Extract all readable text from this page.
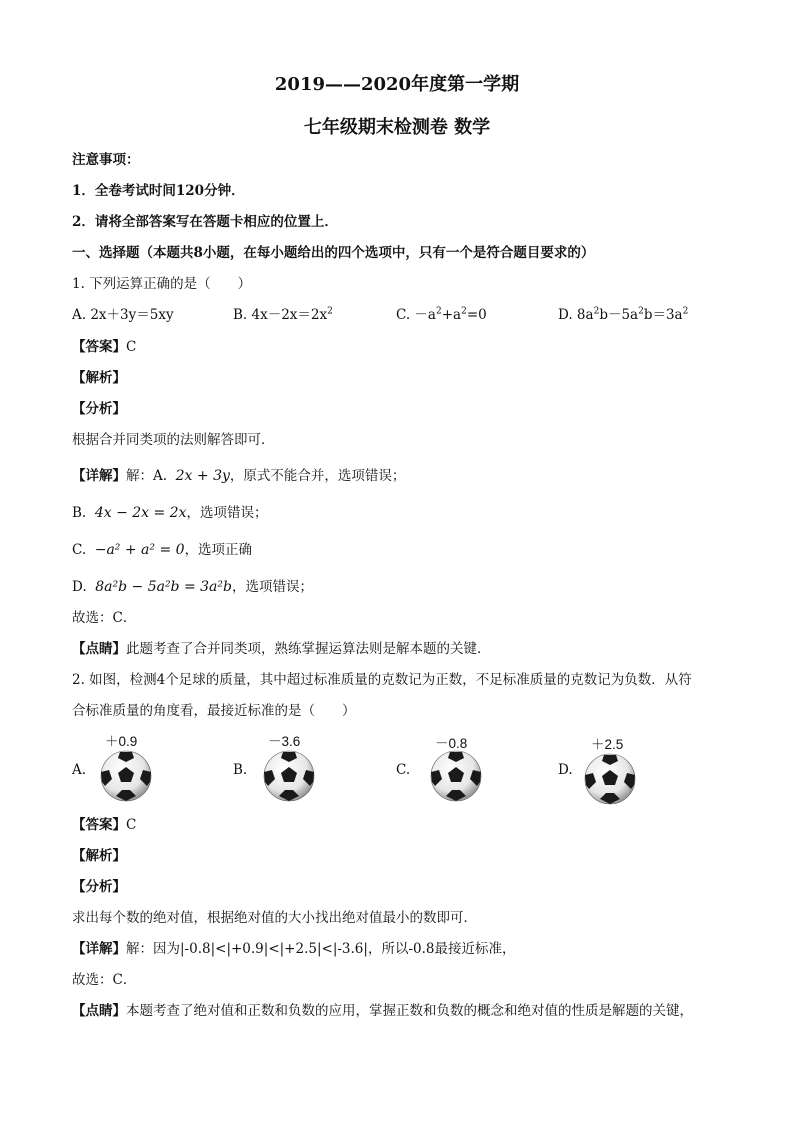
2019——2020年度第一学期
七年级期末检测卷 数学
注意事项：
1．全卷考试时间120分钟．
2．请将全部答案写在答题卡相应的位置上．
一、选择题（本题共8小题，在每小题给出的四个选项中，只有一个是符合题目要求的）
1. 下列运算正确的是（　　）
A. 2x＋3y＝5xy	B. $4x-2x=2x^2$	C. $-a^2+a^2=0$	D. $8a^2b-5a^2b=3a^2$
【答案】C
【解析】
【分析】
根据合并同类项的法则解答即可．
【详解】解：A. 2x + 3y，原式不能合并，选项错误；
B. 4x − 2x = 2x，选项错误；
C. −a² + a² = 0，选项正确
D. 8a²b − 5a²b = 3a²b，选项错误；
故选：C．
【点睛】此题考查了合并同类项，熟练掌握运算法则是解本题的关键．
2. 如图，检测4个足球的质量，其中超过标准质量的克数记为正数，不足标准质量的克数记为负数．从符
合标准质量的角度看，最接近标准的是（　　）
＋0.9
A.
－3.6
B.
－0.8
C.
＋2.5
D.
【答案】C
【解析】
【分析】
求出每个数的绝对值，根据绝对值的大小找出绝对值最小的数即可．
【详解】解：因为|-0.8|<|+0.9|<|+2.5|<|-3.6|，所以-0.8最接近标准，
故选：C．
【点睛】本题考查了绝对值和正数和负数的应用，掌握正数和负数的概念和绝对值的性质是解题的关键，
